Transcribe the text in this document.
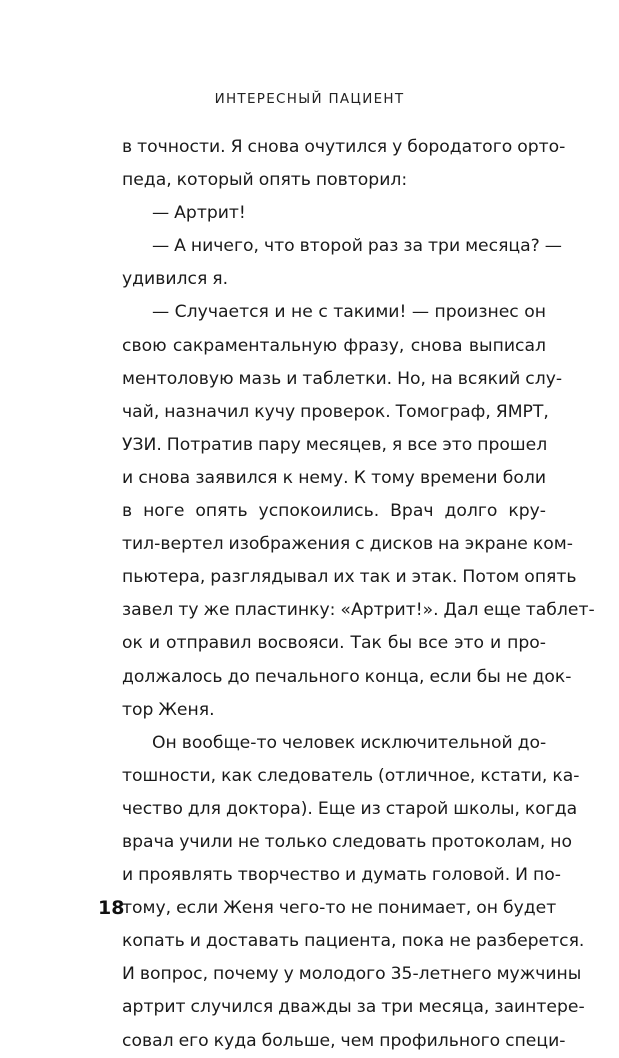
ИНТЕРЕСНЫЙ ПАЦИЕНТ
в точности. Я снова очутился у бородатого орто-
педа, который опять повторил:
— Артрит!
— А ничего, что второй раз за три месяца? —
удивился я.
— Случается и не с такими! — произнес он
свою сакраментальную фразу, снова выписал
ментоловую мазь и таблетки. Но, на всякий слу-
чай, назначил кучу проверок. Томограф, ЯМРТ,
УЗИ. Потратив пару месяцев, я все это прошел
и снова заявился к нему. К тому времени боли
в ноге опять успокоились. Врач долго кру-
тил-вертел изображения с дисков на экране ком-
пьютера, разглядывал их так и этак. Потом опять
завел ту же пластинку: «Артрит!». Дал еще таблет-
ок и отправил восвояси. Так бы все это и про-
должалось до печального конца, если бы не док-
тор Женя.
Он вообще-то человек исключительной до-
тошности, как следователь (отличное, кстати, ка-
чество для доктора). Еще из старой школы, когда
врача учили не только следовать протоколам, но
и проявлять творчество и думать головой. И по-
тому, если Женя чего-то не понимает, он будет
копать и доставать пациента, пока не разберется.
И вопрос, почему у молодого 35-летнего мужчины
артрит случился дважды за три месяца, заинтере-
совал его куда больше, чем профильного специ-
18
